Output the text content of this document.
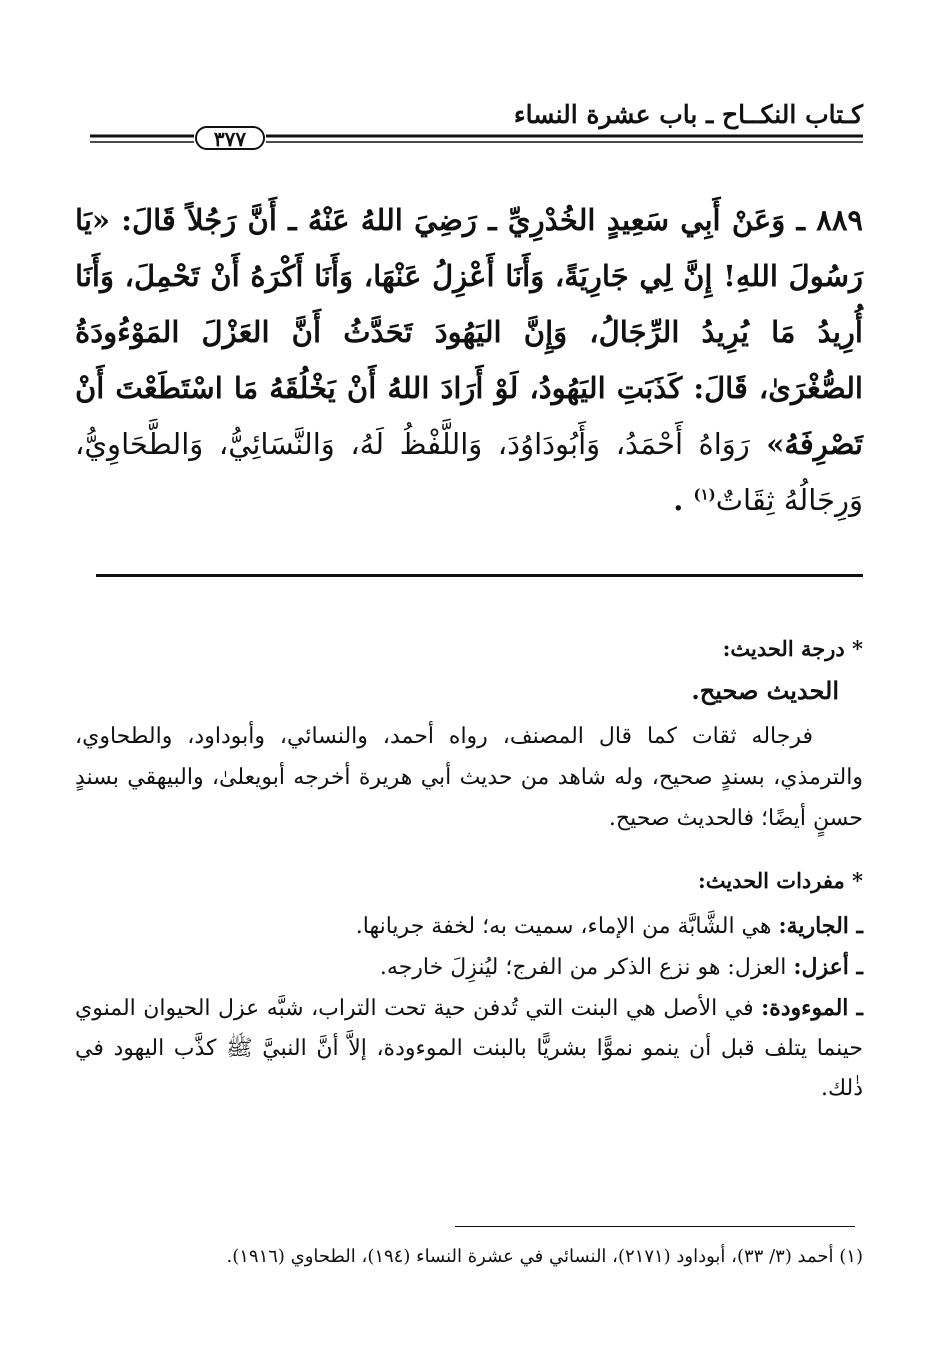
كـتاب النكــاح ـ باب عشرة النساء
٣٧٧
٨٨٩ ـ وَعَنْ أَبِي سَعِيدٍ الخُدْرِيِّ ـ رَضِيَ اللهُ عَنْهُ ـ أَنَّ رَجُلاً قَالَ: «يَا رَسُولَ اللهِ! إِنَّ لِي جَارِيَةً، وَأَنَا أَعْزِلُ عَنْهَا، وَأَنَا أَكْرَهُ أَنْ تَحْمِلَ، وَأَنَا أُرِيدُ مَا يُرِيدُ الرِّجَالُ، وَإِنَّ اليَهُودَ تَحَدَّثُ أَنَّ العَزْلَ المَوْءُودَةُ الصُّغْرَىٰ، قَالَ: كَذَبَتِ اليَهُودُ، لَوْ أَرَادَ اللهُ أَنْ يَخْلُقَهُ مَا اسْتَطَعْتَ أَنْ تَصْرِفَهُ» رَوَاهُ أَحْمَدُ، وَأَبُودَاوُدَ، وَاللَّفْظُ لَهُ، وَالنَّسَائِيُّ، وَالطَّحَاوِيُّ، وَرِجَالُهُ ثِقَاتٌ$^{(١)}$ .
* درجة الحديث:
الحديث صحيح.
فرجاله ثقات كما قال المصنف، رواه أحمد، والنسائي، وأبوداود، والطحاوي، والترمذي، بسندٍ صحيح، وله شاهد من حديث أبي هريرة أخرجه أبويعلىٰ، والبيهقي بسندٍ حسنٍ أيضًا؛ فالحديث صحيح.
* مفردات الحديث:
ـ الجارية: هي الشَّابَّة من الإماء، سميت به؛ لخفة جريانها.
ـ أعزل: العزل: هو نزع الذكر من الفرج؛ ليُنزِلَ خارجه.
ـ الموءودة: في الأصل هي البنت التي تُدفن حية تحت التراب، شبَّه عزل الحيوان المنوي حينما يتلف قبل أن ينمو نموًّا بشريًّا بالبنت الموءودة، إلاَّ أنَّ النبيَّ ﷺ كذَّب اليهود في ذٰلك.
(١) أحمد (٣/ ٣٣)، أبوداود (٢١٧١)، النسائي في عشرة النساء (١٩٤)، الطحاوي (١٩١٦).
